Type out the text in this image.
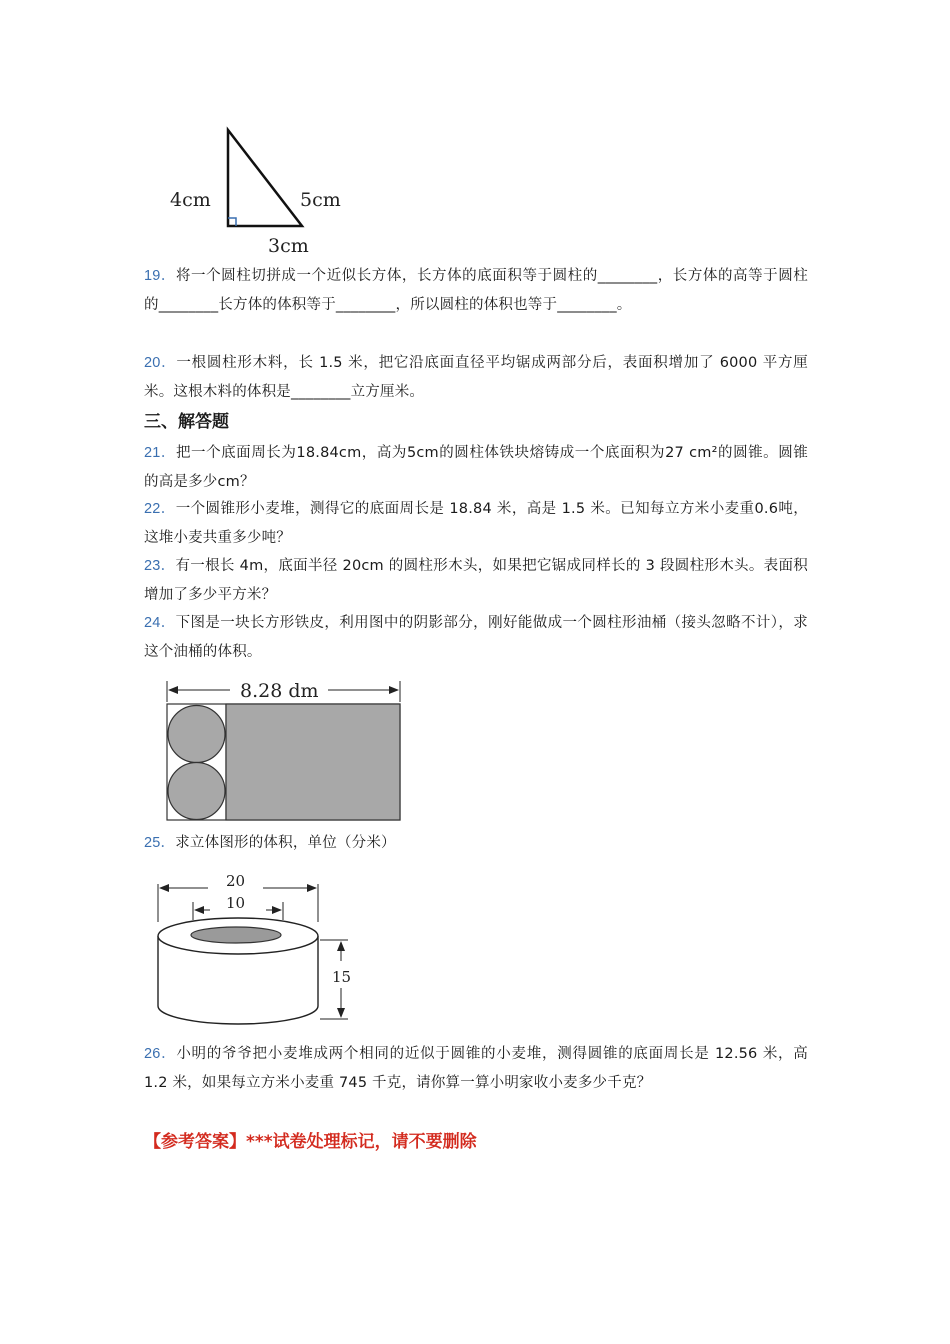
4cm	5cm
3cm
19．将一个圆柱切拼成一个近似长方体，长方体的底面积等于圆柱的________，长方体的高等于圆柱的________长方体的体积等于________，所以圆柱的体积也等于________。
20．一根圆柱形木料，长 1.5 米，把它沿底面直径平均锯成两部分后，表面积增加了 6000 平方厘米。这根木料的体积是________立方厘米。
三、解答题
21．把一个底面周长为18.84cm，高为5cm的圆柱体铁块熔铸成一个底面积为27 cm²的圆锥。圆锥的高是多少cm？
22．一个圆锥形小麦堆，测得它的底面周长是 18.84 米，高是 1.5 米。已知每立方米小麦重0.6吨，这堆小麦共重多少吨？
23．有一根长 4m，底面半径 20cm 的圆柱形木头，如果把它锯成同样长的 3 段圆柱形木头。表面积增加了多少平方米？
24．下图是一块长方形铁皮，利用图中的阴影部分，刚好能做成一个圆柱形油桶（接头忽略不计），求这个油桶的体积。
8.28 dm
25．求立体图形的体积，单位（分米）
20
10
15
26．小明的爷爷把小麦堆成两个相同的近似于圆锥的小麦堆，测得圆锥的底面周长是 12.56 米，高 1.2 米，如果每立方米小麦重 745 千克，请你算一算小明家收小麦多少千克？
【参考答案】***试卷处理标记，请不要删除
